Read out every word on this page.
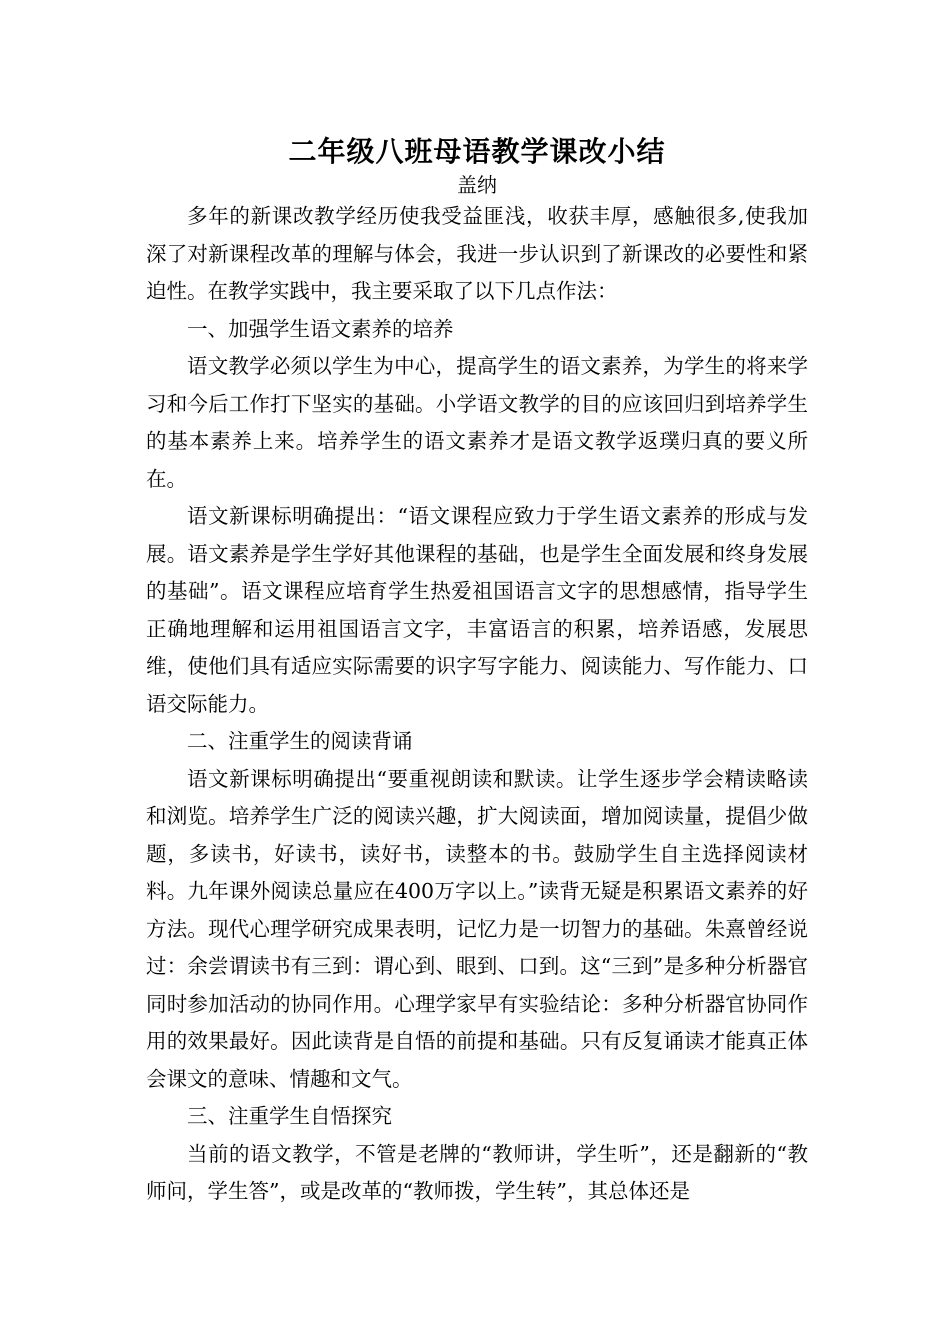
二年级八班母语教学课改小结
盖纳

多年的新课改教学经历使我受益匪浅，收获丰厚，感触很多,使我加深了对新课程改革的理解与体会，我进一步认识到了新课改的必要性和紧迫性。在教学实践中，我主要采取了以下几点作法：

一、加强学生语文素养的培养

语文教学必须以学生为中心，提高学生的语文素养，为学生的将来学习和今后工作打下坚实的基础。小学语文教学的目的应该回归到培养学生的基本素养上来。培养学生的语文素养才是语文教学返璞归真的要义所在。

语文新课标明确提出：“语文课程应致力于学生语文素养的形成与发展。语文素养是学生学好其他课程的基础，也是学生全面发展和终身发展的基础”。语文课程应培育学生热爱祖国语言文字的思想感情，指导学生正确地理解和运用祖国语言文字，丰富语言的积累，培养语感，发展思维，使他们具有适应实际需要的识字写字能力、阅读能力、写作能力、口语交际能力。

二、注重学生的阅读背诵

语文新课标明确提出“要重视朗读和默读。让学生逐步学会精读略读和浏览。培养学生广泛的阅读兴趣，扩大阅读面，增加阅读量，提倡少做题，多读书，好读书，读好书，读整本的书。鼓励学生自主选择阅读材料。九年课外阅读总量应在400万字以上。”读背无疑是积累语文素养的好方法。现代心理学研究成果表明，记忆力是一切智力的基础。朱熹曾经说过：余尝谓读书有三到：谓心到、眼到、口到。这“三到”是多种分析器官同时参加活动的协同作用。心理学家早有实验结论：多种分析器官协同作用的效果最好。因此读背是自悟的前提和基础。只有反复诵读才能真正体会课文的意味、情趣和文气。

三、注重学生自悟探究

当前的语文教学，不管是老牌的“教师讲，学生听”，还是翻新的“教师问，学生答”，或是改革的“教师拨，学生转”，其总体还是
